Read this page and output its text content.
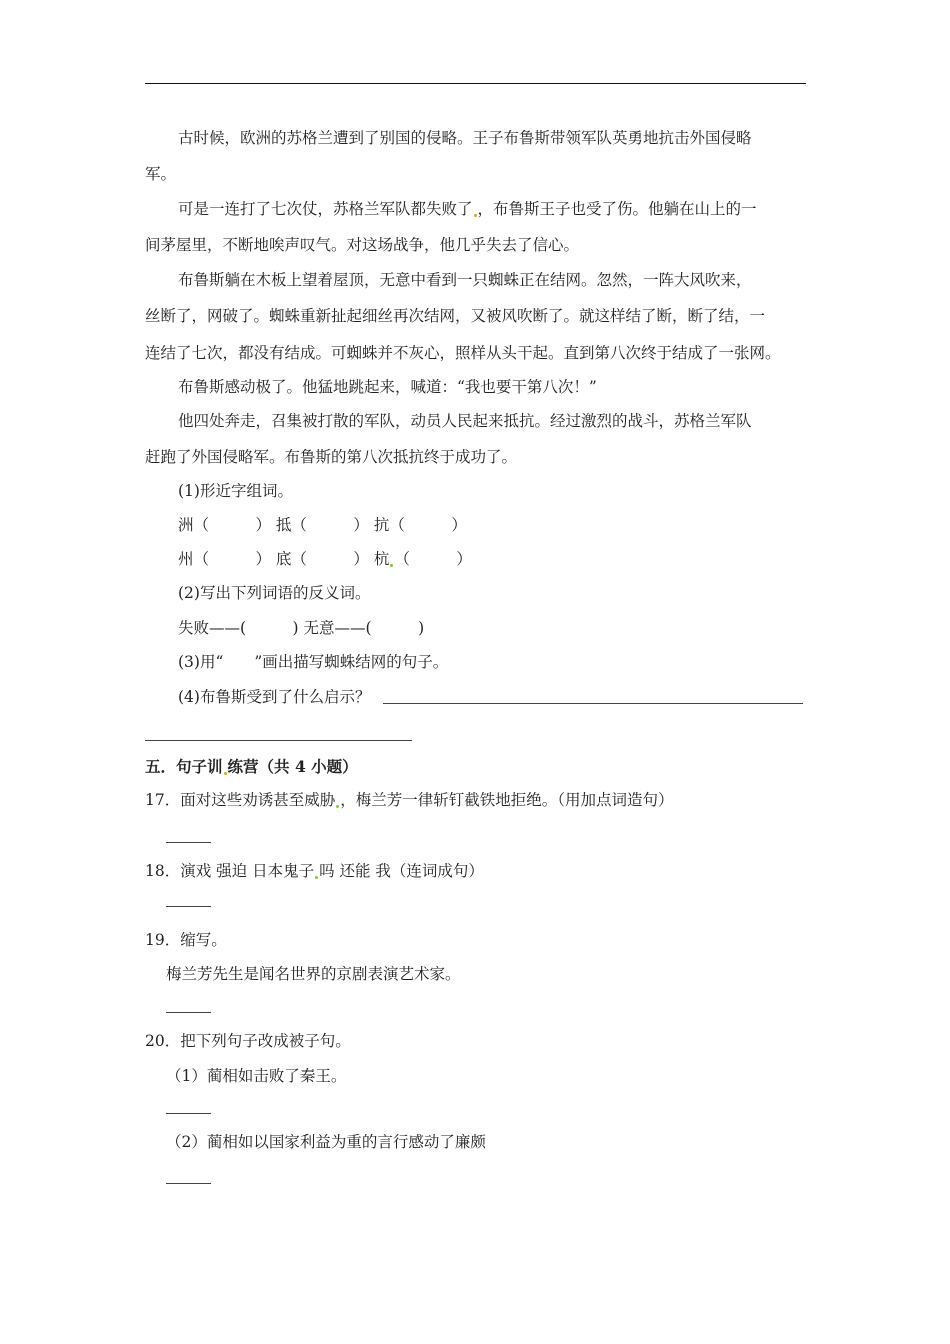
古时候，欧洲的苏格兰遭到了别国的侵略。王子布鲁斯带领军队英勇地抗击外国侵略
军。
可是一连打了七次仗，苏格兰军队都失败了 ，布鲁斯王子也受了伤。他躺在山上的一
间茅屋里，不断地唉声叹气。对这场战争，他几乎失去了信心。
布鲁斯躺在木板上望着屋顶，无意中看到一只蜘蛛正在结网。忽然，一阵大风吹来，
丝断了，网破了。蜘蛛重新扯起细丝再次结网，又被风吹断了。就这样结了断，断了结，一
连结了七次，都没有结成。可蜘蛛并不灰心，照样从头干起。直到第八次终于结成了一张网。
布鲁斯感动极了。他猛地跳起来，喊道：“我也要干第八次！”
他四处奔走，召集被打散的军队，动员人民起来抵抗。经过激烈的战斗，苏格兰军队
赶跑了外国侵略军。布鲁斯的第八次抵抗终于成功了。
(1)形近字组词。
洲（　　　） 抵（　　　） 抗（　　　）
州（　　　） 底（　　　） 杭 （　　　）
(2)写出下列词语的反义词。
失败——(　　　) 无意——(　　　)
(3)用“　　”画出描写蜘蛛结网的句子。
(4)布鲁斯受到了什么启示？
五．句子训 练营（共 4 小题）
17．面对这些劝诱甚至威胁 ，梅兰芳一律斩钉截铁地拒绝。（用加点词造句）
18．演戏 强迫 日本鬼子 吗 还能 我（连词成句）
19．缩写。
梅兰芳先生是闻名世界的京剧表演艺术家。
20．把下列句子改成被子句。
（1）蔺相如击败了秦王。
（2）蔺相如以国家利益为重的言行感动了廉颇
